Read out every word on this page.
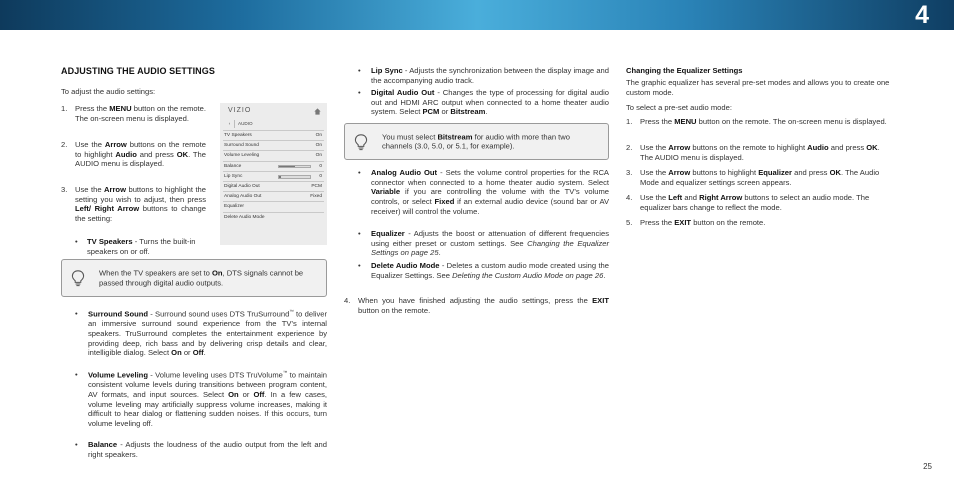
4
ADJUSTING THE AUDIO SETTINGS
To adjust the audio settings:
1. Press the MENU button on the remote. The on-screen menu is displayed.

2. Use the Arrow buttons on the remote to highlight Audio and press OK. The AUDIO menu is displayed.

3. Use the Arrow buttons to highlight the setting you wish to adjust, then press Left/ Right Arrow buttons to change the setting:

• TV Speakers - Turns the built-in speakers on or off.

VIZIO
‹	AUDIO
TV Speakers	On
Surround Sound	On
Volume Leveling	On
Balance	0
Lip Sync	0
Digital Audio Out	PCM
Analog Audio Out	Fixed
Equalizer
Delete Audio Mode

When the TV speakers are set to On, DTS signals cannot be passed through digital audio outputs.

• Surround Sound - Surround sound uses DTS TruSurround™ to deliver an immersive surround sound experience from the TV’s internal speakers. TruSurround completes the entertainment experience by providing deep, rich bass and by delivering crisp details and clear, intelligible dialog. Select On or Off.

• Volume Leveling - Volume leveling uses DTS TruVolume™ to maintain consistent volume levels during transitions between program content, AV formats, and input sources. Select On or Off. In a few cases, volume leveling may artificially suppress volume increases, making it difficult to hear dialog or flattening sudden noises. If this occurs, turn volume leveling off.

• Balance - Adjusts the loudness of the audio output from the left and right speakers.

• Lip Sync - Adjusts the synchronization between the display image and the accompanying audio track.

• Digital Audio Out - Changes the type of processing for digital audio out and HDMI ARC output when connected to a home theater audio system. Select PCM or Bitstream.

You must select Bitstream for audio with more than two channels (3.0, 5.0, or 5.1, for example).

• Analog Audio Out - Sets the volume control properties for the RCA connector when connected to a home theater audio system. Select Variable if you are controlling the volume with the TV’s volume controls, or select Fixed if an external audio device (sound bar or AV receiver) will control the volume.

• Equalizer - Adjusts the boost or attenuation of different frequencies using either preset or custom settings. See Changing the Equalizer Settings on page 25.

• Delete Audio Mode - Deletes a custom audio mode created using the Equalizer Settings. See Deleting the Custom Audio Mode on page 26.

4. When you have finished adjusting the audio settings, press the EXIT button on the remote.

Changing the Equalizer Settings
The graphic equalizer has several pre-set modes and allows you to create one custom mode.
To select a pre-set audio mode:
1. Press the MENU button on the remote. The on-screen menu is displayed.

2. Use the Arrow buttons on the remote to highlight Audio and press OK. The AUDIO menu is displayed.

3. Use the Arrow buttons to highlight Equalizer and press OK. The Audio Mode and equalizer settings screen appears.

4. Use the Left and Right Arrow buttons to select an audio mode. The equalizer bars change to reflect the mode.

5. Press the EXIT button on the remote.

25
